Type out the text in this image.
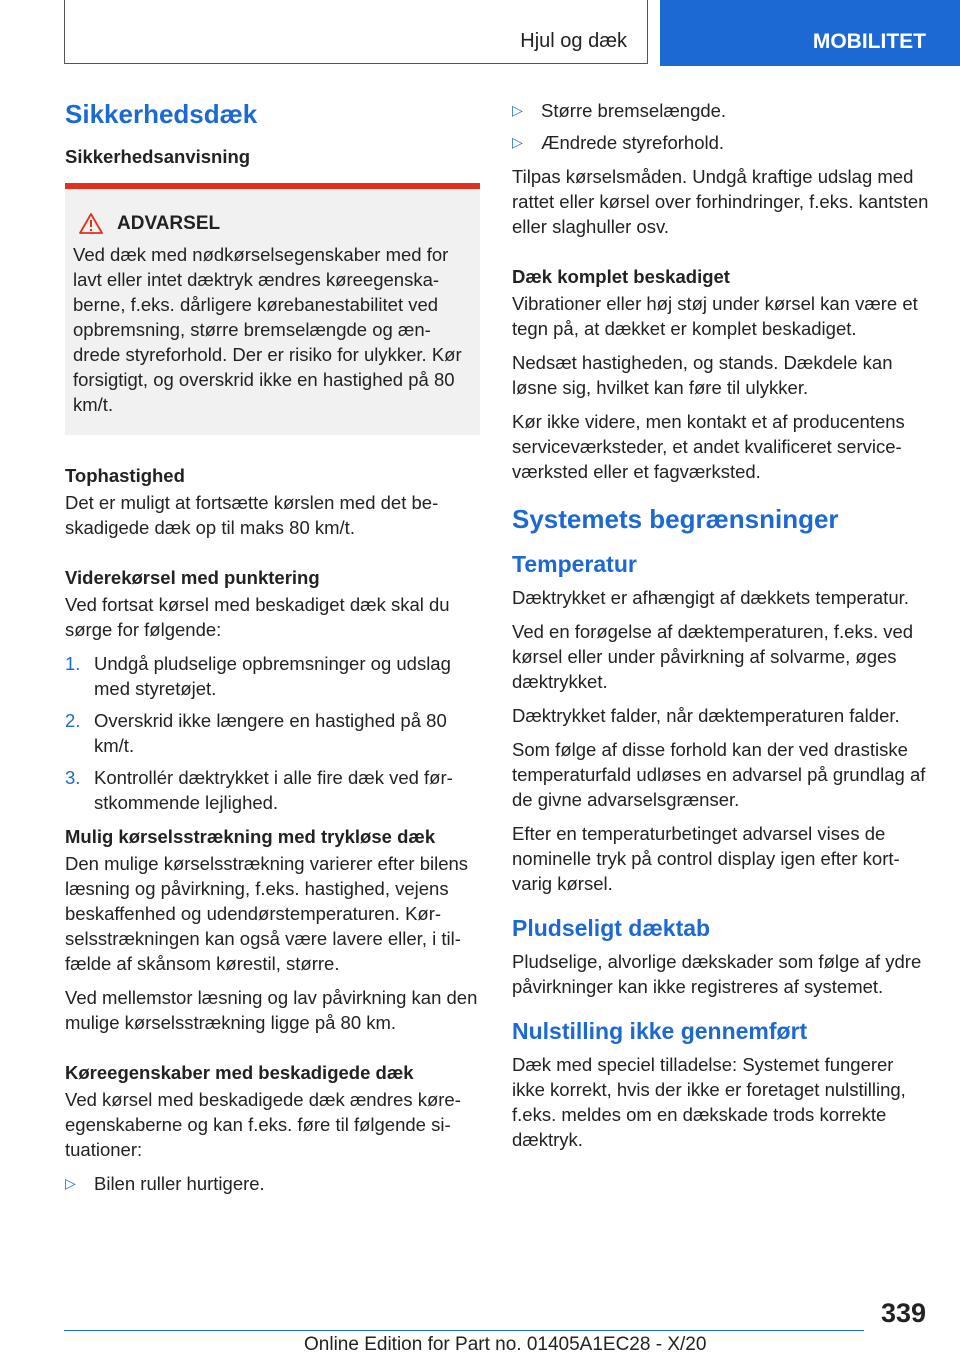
Hjul og dæk	MOBILITET
Sikkerhedsdæk
Sikkerhedsanvisning
ADVARSEL
Ved dæk med nødkørselsegenskaber med for lavt eller intet dæktryk ændres køreegenskaberne, f.eks. dårligere kørebanestabilitet ved opbremsning, større bremselængde og ændrede styreforhold. Der er risiko for ulykker. Kør forsigtigt, og overskrid ikke en hastighed på 80 km/t.
Tophastighed

Det er muligt at fortsætte kørslen med det beskadigede dæk op til maks 80 km/t.

Viderekørsel med punktering

Ved fortsat kørsel med beskadiget dæk skal du sørge for følgende:

1. Undgå pludselige opbremsninger og udslag med styretøjet.
2. Overskrid ikke længere en hastighed på 80 km/t.
3. Kontrollér dæktrykket i alle fire dæk ved førstkommende lejlighed.
Mulig kørselsstrækning med trykløse dæk

Den mulige kørselsstrækning varierer efter bilens læsning og påvirkning, f.eks. hastighed, vejens beskaffenhed og udendørstemperaturen. Kørselsstrækningen kan også være lavere eller, i tilfælde af skånsom kørestil, større.

Ved mellemstor læsning og lav påvirkning kan den mulige kørselsstrækning ligge på 80 km.

Køreegenskaber med beskadigede dæk

Ved kørsel med beskadigede dæk ændres køreegenskaberne og kan f.eks. føre til følgende situationer:

▷ Bilen ruller hurtigere.
▷ Større bremselængde.
▷ Ændrede styreforhold.

Tilpas kørselsmåden. Undgå kraftige udslag med rattet eller kørsel over forhindringer, f.eks. kantsten eller slaghuller osv.

Dæk komplet beskadiget

Vibrationer eller høj støj under kørsel kan være et tegn på, at dækket er komplet beskadiget.

Nedsæt hastigheden, og stands. Dækdele kan løsne sig, hvilket kan føre til ulykker.

Kør ikke videre, men kontakt et af producentens serviceværksteder, et andet kvalificeret serviceværksted eller et fagværksted.

Systemets begrænsninger
Temperatur

Dæktrykket er afhængigt af dækkets temperatur.

Ved en forøgelse af dæktemperaturen, f.eks. ved kørsel eller under påvirkning af solvarme, øges dæktrykket.

Dæktrykket falder, når dæktemperaturen falder.

Som følge af disse forhold kan der ved drastiske temperaturfald udløses en advarsel på grundlag af de givne advarselsgrænser.

Efter en temperaturbetinget advarsel vises de nominelle tryk på control display igen efter kortvarig kørsel.

Pludseligt dæktab

Pludselige, alvorlige dækskader som følge af ydre påvirkninger kan ikke registreres af systemet.

Nulstilling ikke gennemført

Dæk med speciel tilladelse: Systemet fungerer ikke korrekt, hvis der ikke er foretaget nulstilling, f.eks. meldes om en dækskade trods korrekte dæktryk.

339
Online Edition for Part no. 01405A1EC28 - X/20
